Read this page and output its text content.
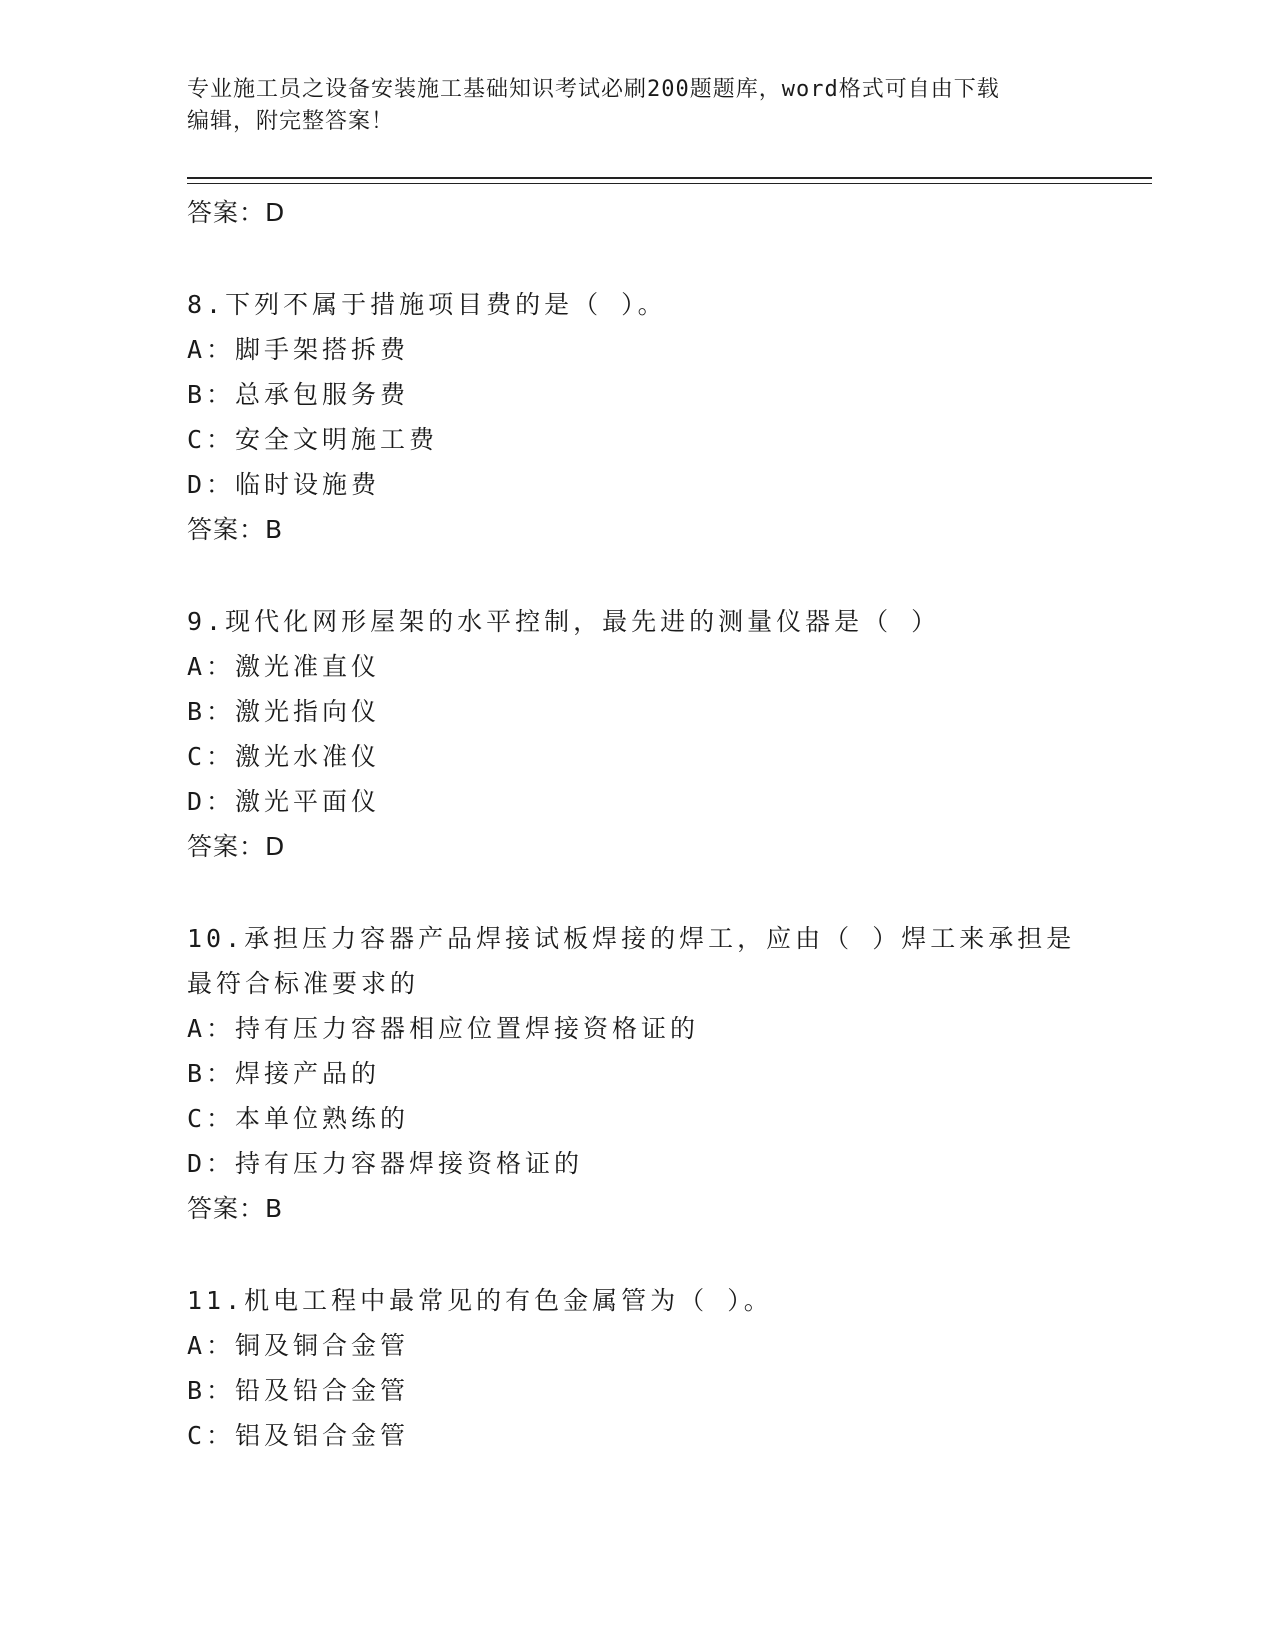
专业施工员之设备安装施工基础知识考试必刷200题题库，word格式可自由下载
编辑，附完整答案！
答案：D
8.下列不属于措施项目费的是（ ）。
A：脚手架搭拆费
B：总承包服务费
C：安全文明施工费
D：临时设施费
答案：B
9.现代化网形屋架的水平控制，最先进的测量仪器是（ ）
A：激光准直仪
B：激光指向仪
C：激光水准仪
D：激光平面仪
答案：D
10.承担压力容器产品焊接试板焊接的焊工，应由（ ）焊工来承担是
最符合标准要求的
A：持有压力容器相应位置焊接资格证的
B：焊接产品的
C：本单位熟练的
D：持有压力容器焊接资格证的
答案：B
11.机电工程中最常见的有色金属管为（ ）。
A：铜及铜合金管
B：铅及铅合金管
C：铝及铝合金管
